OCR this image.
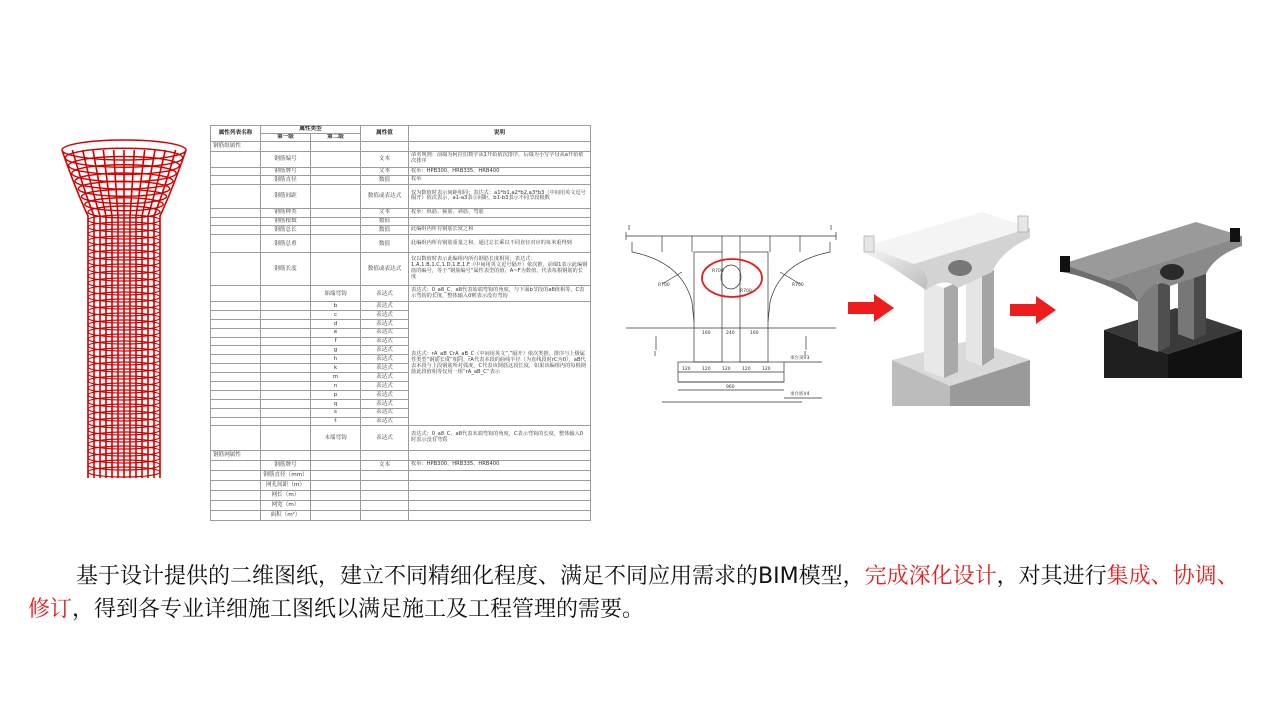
属性列表名称	属性类型		属性值	说明
	第一级	第二级		
钢筋组属性				
	钢筋编号		文本	命名规则：前缀为阿拉伯数字从1开始依次排序，后缀为小写字母从a开始依次排序
	钢筋牌号		文本	枚举：HPB300、HRB335、HRB400
	钢筋直径		数值	枚举
	钢筋间距		数值或表达式	仅为数值时表示间距相同；表达式：a1*b1,a2*b2,a3*b3（中间用英文逗号隔开）依次表示，a1-a3表示间距，b1-b3表示不同节段根数
	钢筋种类		文本	枚举：纵筋、箍筋、斜筋、弯筋
	钢筋根数		数值	
	钢筋总长		数值	此编组内所有钢筋长度之和
	钢筋总重		数值	此编组内所有钢筋重量之和，通过总长乘以不同直径对应的每米重得到
	钢筋长度		数值或表达式	仅以数值时表示此编组内所有钢筋长度相同；表达式：1.A,1.B,1.C,1.D,1.E,1.F（中间用英文逗号隔开）依次推，前缀1表示此编钢筋的编号，等于“钢筋编号”属性表型的值，A~F为数值，代表每根钢筋的长度
		始端弯钩	表达式	表达式：0_a8_C，a8代表始端弯钩的角度，与下面b节段的a8值相等，C表示弯钩的长度，整体输入0则表示没有弯钩
		b	表达式	表达式：rA_aB_CrA_aB_C（中间用英文“,”隔开）依次类推，排序与上级属性类型“钢筋长度”相同，rA代表本段的曲线半径（为直线段时rC为0），aB代表本段与上段钢筋所对弧度，C代表该钢筋这段长度，如果该编组内的每根钢筋此段值相等仅用一组“rA_aB_C”表示
		c	表达式	
		d	表达式	
		e	表达式	
		f	表达式	
		g	表达式	
		h	表达式	
		k	表达式	
		m	表达式	
		n	表达式	
		p	表达式	
		q	表达式	
		s	表达式	
		t	表达式	
		末端弯钩	表达式	表达式：0_a8_C，a8代表末端弯钩的角度，C表示弯钩的长度，整体输入0时表示没有弯钩
钢筋网属性				
	钢筋牌号		文本	枚举：HPB300、HRB335、HRB400
	钢筋直径（mm）			
	网孔间距（m）			
	网长（m）			
	网宽（m）			
	面积（m²）			
160	240	160
120	120	120	120	120
960
承台顶V3
承台底V4
R700	R700
R700
R700
I	I
I	I
基于设计提供的二维图纸，建立不同精细化程度、满足不同应用需求的BIM模型，完成深化设计，对其进行集成、协调、修订，得到各专业详细施工图纸以满足施工及工程管理的需要。
